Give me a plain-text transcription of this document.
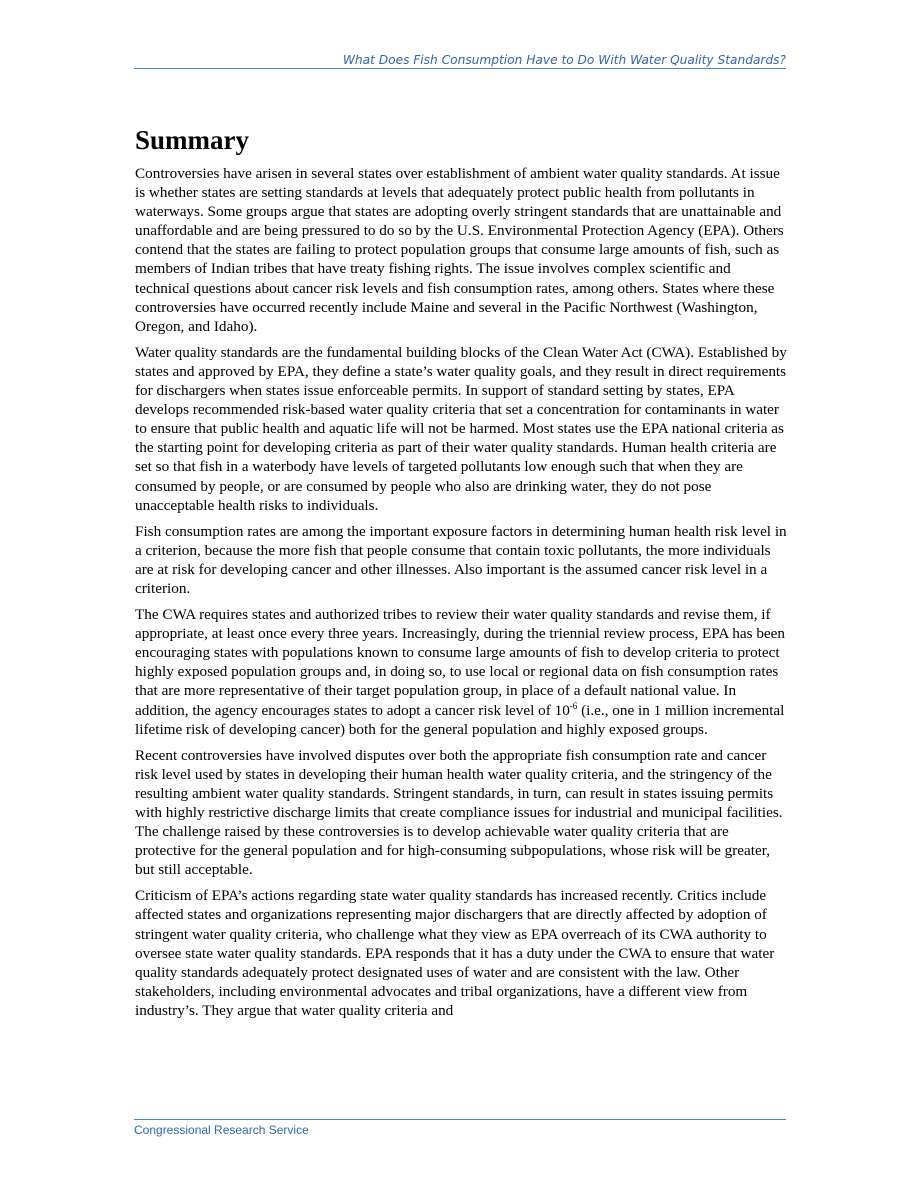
What Does Fish Consumption Have to Do With Water Quality Standards?
Summary

Controversies have arisen in several states over establishment of ambient water quality standards. At issue is whether states are setting standards at levels that adequately protect public health from pollutants in waterways. Some groups argue that states are adopting overly stringent standards that are unattainable and unaffordable and are being pressured to do so by the U.S. Environmental Protection Agency (EPA). Others contend that the states are failing to protect population groups that consume large amounts of fish, such as members of Indian tribes that have treaty fishing rights. The issue involves complex scientific and technical questions about cancer risk levels and fish consumption rates, among others. States where these controversies have occurred recently include Maine and several in the Pacific Northwest (Washington, Oregon, and Idaho).

Water quality standards are the fundamental building blocks of the Clean Water Act (CWA). Established by states and approved by EPA, they define a state’s water quality goals, and they result in direct requirements for dischargers when states issue enforceable permits. In support of standard setting by states, EPA develops recommended risk-based water quality criteria that set a concentration for contaminants in water to ensure that public health and aquatic life will not be harmed. Most states use the EPA national criteria as the starting point for developing criteria as part of their water quality standards. Human health criteria are set so that fish in a waterbody have levels of targeted pollutants low enough such that when they are consumed by people, or are consumed by people who also are drinking water, they do not pose unacceptable health risks to individuals.

Fish consumption rates are among the important exposure factors in determining human health risk level in a criterion, because the more fish that people consume that contain toxic pollutants, the more individuals are at risk for developing cancer and other illnesses. Also important is the assumed cancer risk level in a criterion.

The CWA requires states and authorized tribes to review their water quality standards and revise them, if appropriate, at least once every three years. Increasingly, during the triennial review process, EPA has been encouraging states with populations known to consume large amounts of fish to develop criteria to protect highly exposed population groups and, in doing so, to use local or regional data on fish consumption rates that are more representative of their target population group, in place of a default national value. In addition, the agency encourages states to adopt a cancer risk level of $10^{-6}$ (i.e., one in 1 million incremental lifetime risk of developing cancer) both for the general population and highly exposed groups.

Recent controversies have involved disputes over both the appropriate fish consumption rate and cancer risk level used by states in developing their human health water quality criteria, and the stringency of the resulting ambient water quality standards. Stringent standards, in turn, can result in states issuing permits with highly restrictive discharge limits that create compliance issues for industrial and municipal facilities. The challenge raised by these controversies is to develop achievable water quality criteria that are protective for the general population and for high-consuming subpopulations, whose risk will be greater, but still acceptable.

Criticism of EPA’s actions regarding state water quality standards has increased recently. Critics include affected states and organizations representing major dischargers that are directly affected by adoption of stringent water quality criteria, who challenge what they view as EPA overreach of its CWA authority to oversee state water quality standards. EPA responds that it has a duty under the CWA to ensure that water quality standards adequately protect designated uses of water and are consistent with the law. Other stakeholders, including environmental advocates and tribal organizations, have a different view from industry’s. They argue that water quality criteria and

Congressional Research Service
